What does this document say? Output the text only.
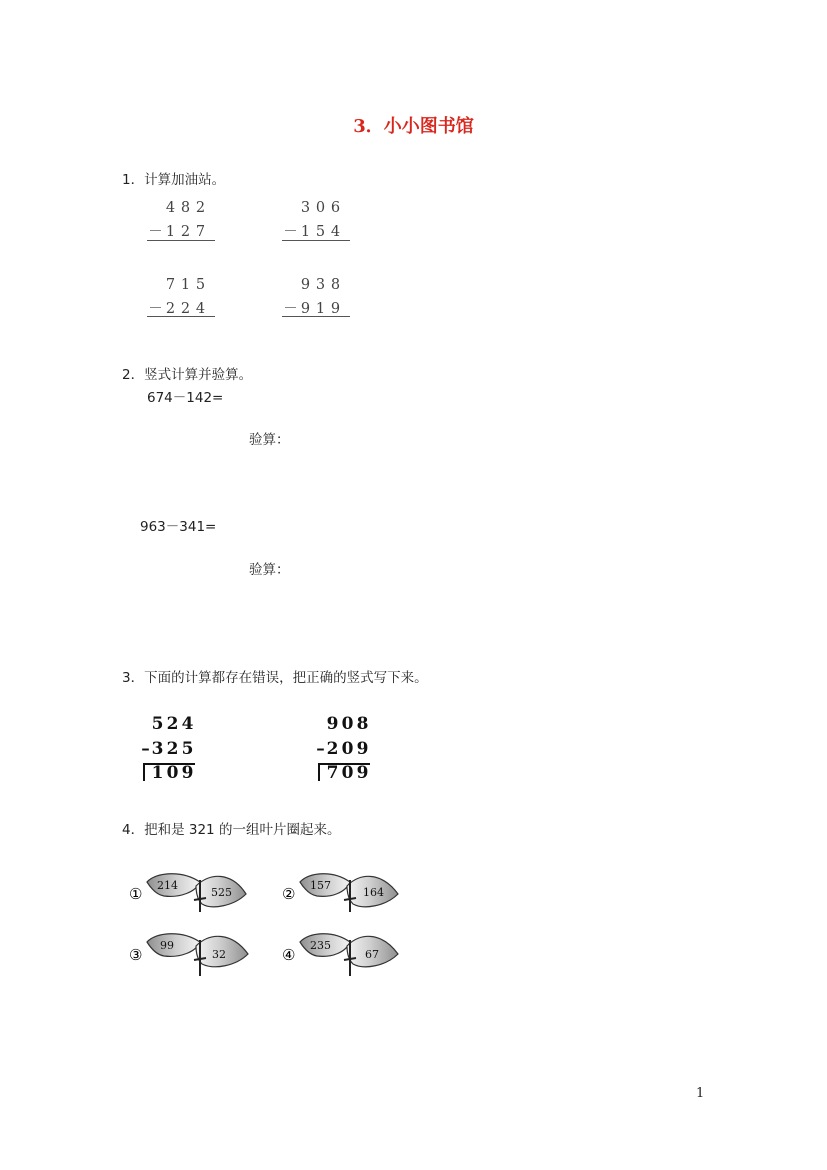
3．小小图书馆
1．计算加油站。
4 8 2
－ 1 2 7
3 0 6
－ 1 5 4
7 1 5
－ 2 2 4
9 3 8
－ 9 1 9
2．竖式计算并验算。
674－142=
验算：
963－341=
验算：
3．下面的计算都存在错误，把正确的竖式写下来。
5 2 4
– 3 2 5
1 0 9
9 0 8
– 2 0 9
7 0 9
4．把和是 321 的一组叶片圈起来。
① 214
525	② 157
164
③
99
32	④
235
67
1
